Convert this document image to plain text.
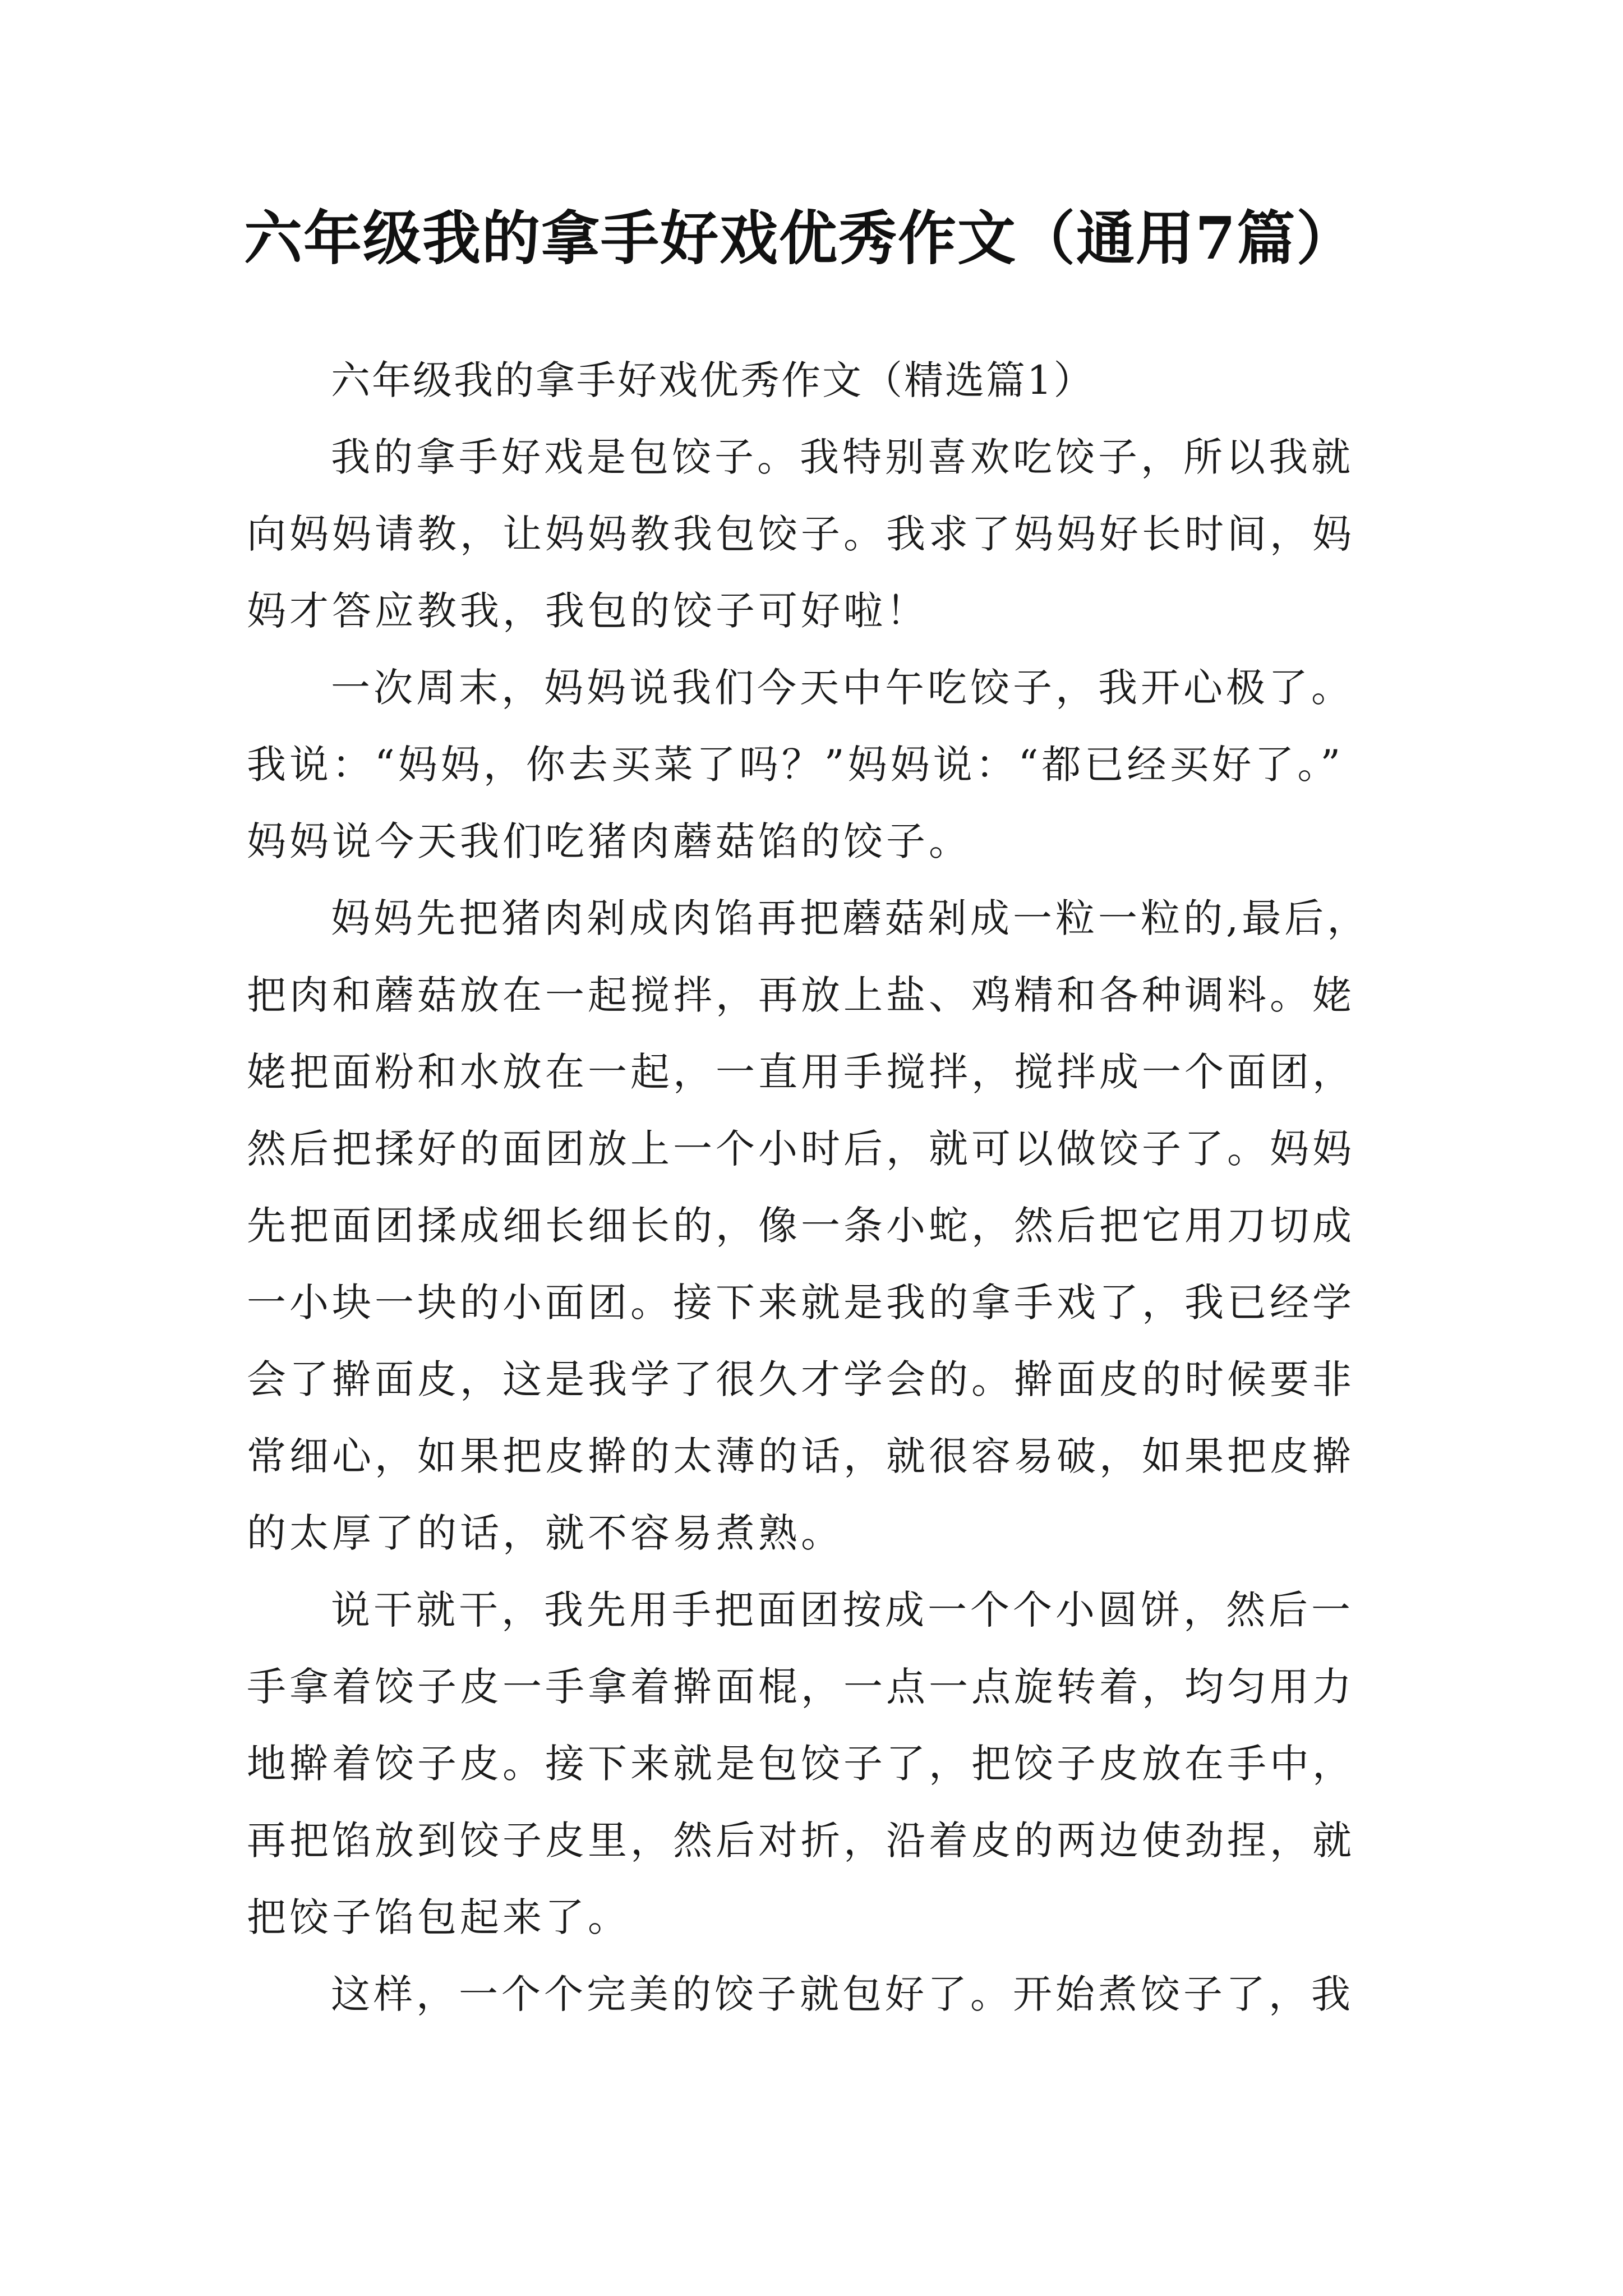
六年级我的拿手好戏优秀作文（通用7篇）
六年级我的拿手好戏优秀作文（精选篇1）
我的拿手好戏是包饺子。我特别喜欢吃饺子，所以我就
向妈妈请教，让妈妈教我包饺子。我求了妈妈好长时间，妈
妈才答应教我，我包的饺子可好啦！
一次周末，妈妈说我们今天中午吃饺子，我开心极了。
我说：“妈妈，你去买菜了吗？”妈妈说：“都已经买好了。”
妈妈说今天我们吃猪肉蘑菇馅的饺子。
妈妈先把猪肉剁成肉馅再把蘑菇剁成一粒一粒的,最后，
把肉和蘑菇放在一起搅拌，再放上盐、鸡精和各种调料。姥
姥把面粉和水放在一起，一直用手搅拌，搅拌成一个面团，
然后把揉好的面团放上一个小时后，就可以做饺子了。妈妈
先把面团揉成细长细长的，像一条小蛇，然后把它用刀切成
一小块一块的小面团。接下来就是我的拿手戏了，我已经学
会了擀面皮，这是我学了很久才学会的。擀面皮的时候要非
常细心，如果把皮擀的太薄的话，就很容易破，如果把皮擀
的太厚了的话，就不容易煮熟。
说干就干，我先用手把面团按成一个个小圆饼，然后一
手拿着饺子皮一手拿着擀面棍，一点一点旋转着，均匀用力
地擀着饺子皮。接下来就是包饺子了，把饺子皮放在手中，
再把馅放到饺子皮里，然后对折，沿着皮的两边使劲捏，就
把饺子馅包起来了。
这样，一个个完美的饺子就包好了。开始煮饺子了，我
